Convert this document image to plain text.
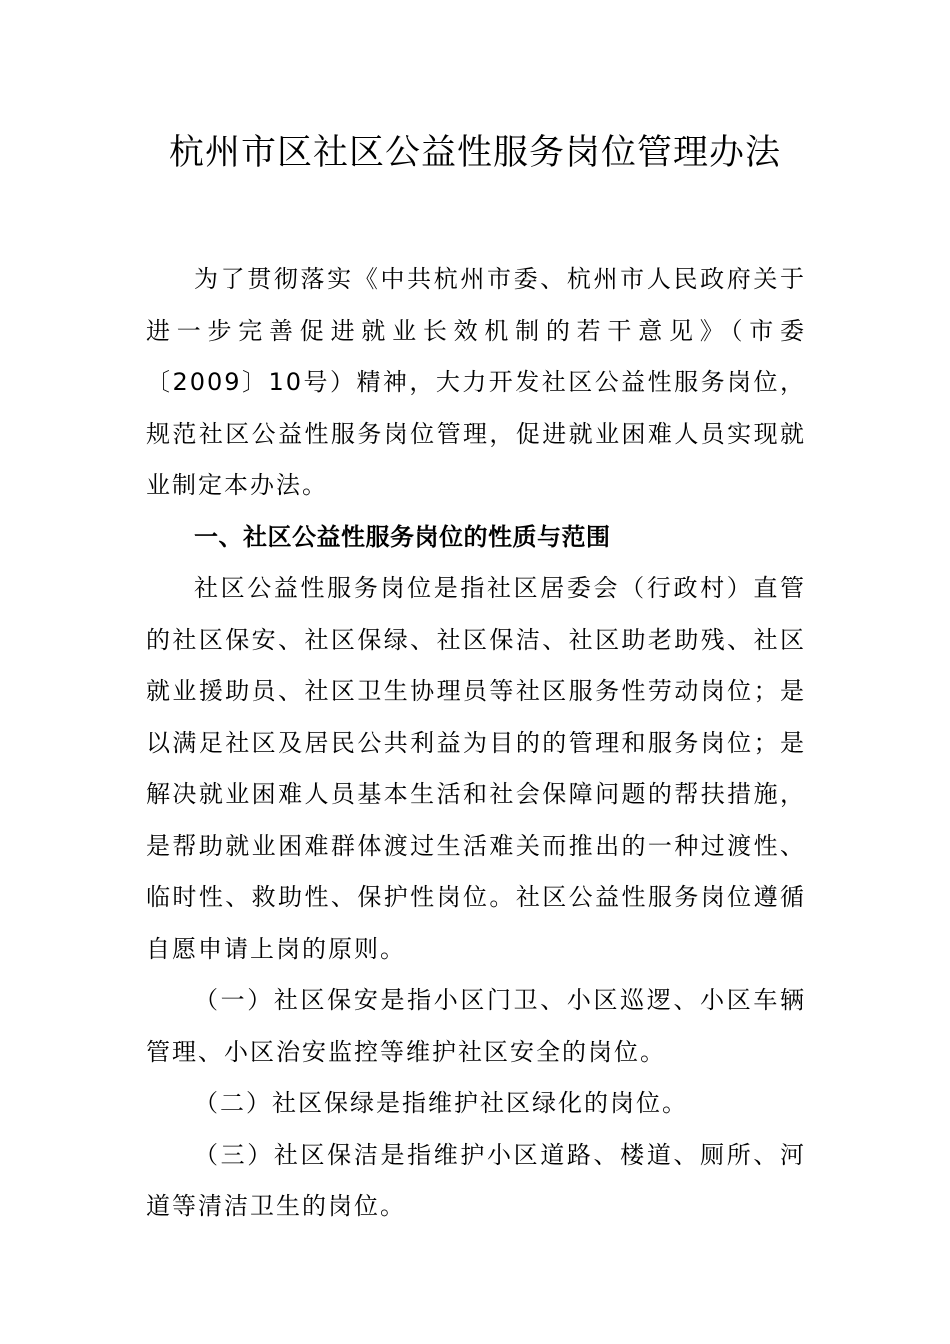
杭州市区社区公益性服务岗位管理办法

为了贯彻落实《中共杭州市委、杭州市人民政府关于进一步完善促进就业长效机制的若干意见》（市委〔2009〕10号）精神，大力开发社区公益性服务岗位，规范社区公益性服务岗位管理，促进就业困难人员实现就业制定本办法。

一、社区公益性服务岗位的性质与范围

社区公益性服务岗位是指社区居委会（行政村）直管的社区保安、社区保绿、社区保洁、社区助老助残、社区就业援助员、社区卫生协理员等社区服务性劳动岗位；是以满足社区及居民公共利益为目的的管理和服务岗位；是解决就业困难人员基本生活和社会保障问题的帮扶措施，是帮助就业困难群体渡过生活难关而推出的一种过渡性、临时性、救助性、保护性岗位。社区公益性服务岗位遵循自愿申请上岗的原则。

（一）社区保安是指小区门卫、小区巡逻、小区车辆管理、小区治安监控等维护社区安全的岗位。

（二）社区保绿是指维护社区绿化的岗位。

（三）社区保洁是指维护小区道路、楼道、厕所、河道等清洁卫生的岗位。
